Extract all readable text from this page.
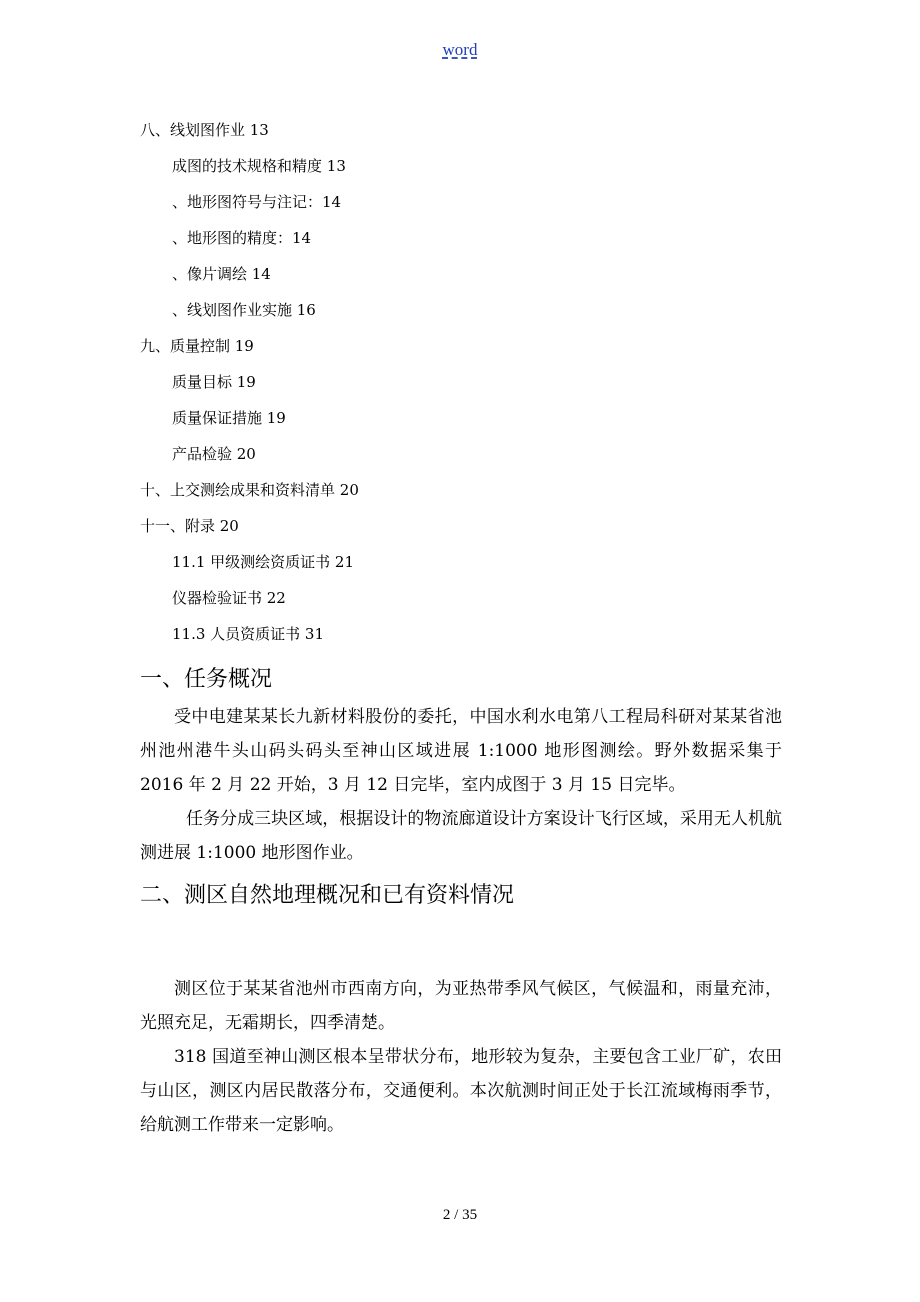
word
八、线划图作业 13
成图的技术规格和精度 13
、地形图符号与注记：14
、地形图的精度：14
、像片调绘 14
、线划图作业实施 16
九、质量控制 19
质量目标 19
质量保证措施 19
产品检验 20
十、上交测绘成果和资料清单 20
十一、附录 20
11.1 甲级测绘资质证书 21
仪器检验证书 22
11.3 人员资质证书 31
一、任务概况

受中电建某某长九新材料股份的委托，中国水利水电第八工程局科研对某某省池州池州港牛头山码头码头至神山区域进展 1:1000 地形图测绘。野外数据采集于 2016 年 2 月 22 开始，3 月 12 日完毕，室内成图于 3 月 15 日完毕。

任务分成三块区域，根据设计的物流廊道设计方案设计飞行区域，采用无人机航测进展 1:1000 地形图作业。

二、测区自然地理概况和已有资料情况

测区位于某某省池州市西南方向，为亚热带季风气候区，气候温和，雨量充沛，光照充足，无霜期长，四季清楚。

318 国道至神山测区根本呈带状分布，地形较为复杂，主要包含工业厂矿，农田与山区，测区内居民散落分布，交通便利。本次航测时间正处于长江流域梅雨季节，给航测工作带来一定影响。

2 / 35
